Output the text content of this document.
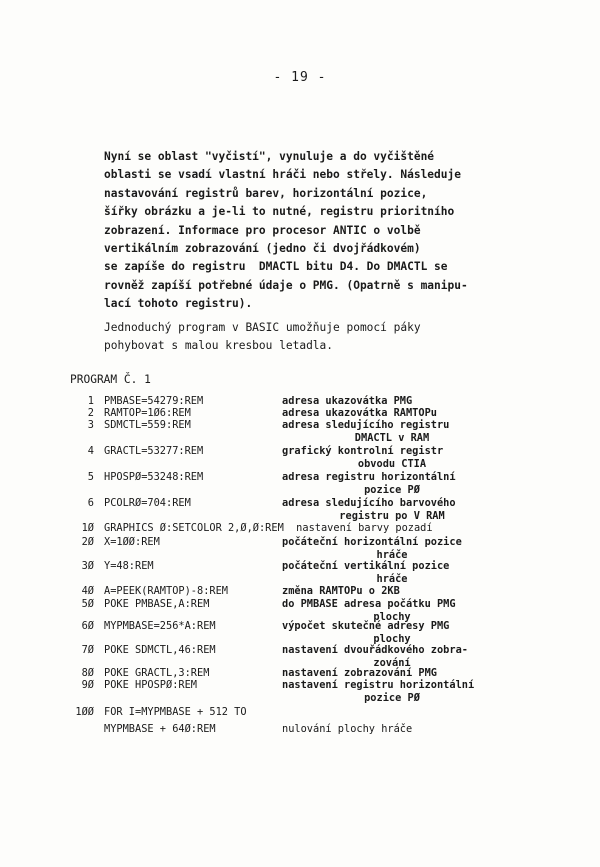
- 19 -
Nyní se oblast "vyčistí", vynuluje a do vyčištěné
oblasti se vsadí vlastní hráči nebo střely. Následuje
nastavování registrů barev, horizontální pozice,
šířky obrázku a je-li to nutné, registru prioritního
zobrazení. Informace pro procesor ANTIC o volbě
vertikálním zobrazování (jedno či dvojřádkovém)
se zapíše do registru  DMACTL bitu D4. Do DMACTL se
rovněž zapíší potřebné údaje o PMG. (Opatrně s manipu-
lací tohoto registru).
Jednoduchý program v BASIC umožňuje pomocí páky
pohybovat s malou kresbou letadla.
PROGRAM Č. 1
1 PMBASE=54279:REM	adresa ukazovátka PMG
2 RAMTOP=1Ø6:REM	adresa ukazovátka RAMTOPu
3 SDMCTL=559:REM	adresa sledujícího registru
DMACTL v RAM
4 GRACTL=53277:REM	grafický kontrolní registr
obvodu CTIA
5 HPOSPØ=53248:REM	adresa registru horizontální
pozice PØ
6 PCOLRØ=704:REM	adresa sledujícího barvového
registru po V RAM
1Ø GRAPHICS Ø:SETCOLOR 2,Ø,Ø:REM  nastavení barvy pozadí
2Ø X=1ØØ:REM	počáteční horizontální pozice
hráče
3Ø Y=48:REM	počáteční vertikální pozice
hráče
4Ø A=PEEK(RAMTOP)-8:REM	změna RAMTOPu o 2KB
5Ø POKE PMBASE,A:REM	do PMBASE adresa počátku PMG
plochy
6Ø MYPMBASE=256*A:REM	výpočet skutečné adresy PMG
plochy
7Ø POKE SDMCTL,46:REM	nastavení dvouřádkového zobra-
zování
8Ø POKE GRACTL,3:REM	nastavení zobrazování PMG
9Ø POKE HPOSPØ:REM	nastavení registru horizontální
pozice PØ
1ØØ FOR I=MYPMBASE + 512 TO
MYPMBASE + 64Ø:REM	nulování plochy hráče
